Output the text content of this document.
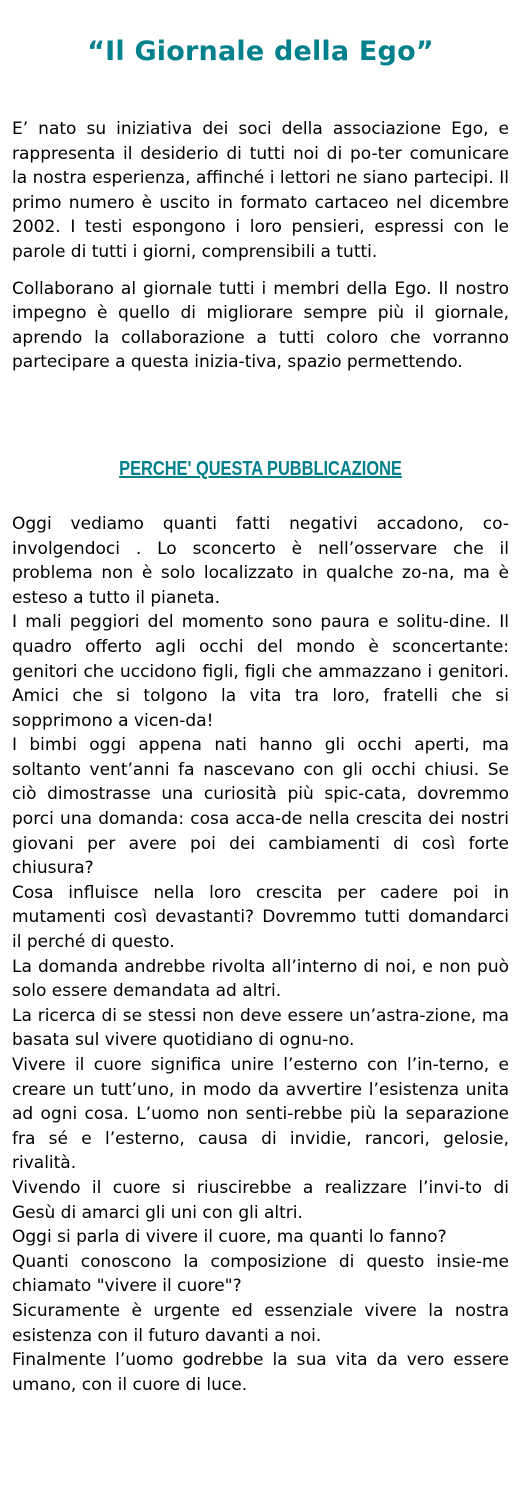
“Il Giornale della Ego”

E’ nato su iniziativa dei soci della associazione Ego, e rappresenta il desiderio di tutti noi di po-ter comunicare la nostra esperienza, affinché i lettori ne siano partecipi. Il primo numero è uscito in formato cartaceo nel dicembre 2002. I testi espongono i loro pensieri, espressi con le parole di tutti i giorni, comprensibili a tutti.

Collaborano al giornale tutti i membri della Ego. Il nostro impegno è quello di migliorare sempre più il giornale, aprendo la collaborazione a tutti coloro che vorranno partecipare a questa inizia-tiva, spazio permettendo.

PERCHE' QUESTA PUBBLICAZIONE

Oggi vediamo quanti fatti negativi accadono, co-involgendoci . Lo sconcerto è nell’osservare che il problema non è solo localizzato in qualche zo-na, ma è esteso a tutto il pianeta.

I mali peggiori del momento sono paura e solitu-dine. Il quadro offerto agli occhi del mondo è sconcertante: genitori che uccidono figli, figli che ammazzano i genitori. Amici che si tolgono la vita tra loro, fratelli che si sopprimono a vicen-da!

I bimbi oggi appena nati hanno gli occhi aperti, ma soltanto vent’anni fa nascevano con gli occhi chiusi. Se ciò dimostrasse una curiosità più spic-cata, dovremmo porci una domanda: cosa acca-de nella crescita dei nostri giovani per avere poi dei cambiamenti di così forte chiusura?

Cosa influisce nella loro crescita per cadere poi in mutamenti così devastanti? Dovremmo tutti domandarci il perché di questo.

La domanda andrebbe rivolta all’interno di noi, e non può solo essere demandata ad altri.

La ricerca di se stessi non deve essere un’astra-zione, ma basata sul vivere quotidiano di ognu-no.

Vivere il cuore significa unire l’esterno con l’in-terno, e creare un tutt’uno, in modo da avvertire l’esistenza unita ad ogni cosa. L’uomo non senti-rebbe più la separazione fra sé e l’esterno, causa di invidie, rancori, gelosie, rivalità.

Vivendo il cuore si riuscirebbe a realizzare l’invi-to di Gesù di amarci gli uni con gli altri.

Oggi si parla di vivere il cuore, ma quanti lo fanno?

Quanti conoscono la composizione di questo insie-me chiamato "vivere il cuore"?

Sicuramente è urgente ed essenziale vivere la nostra esistenza con il futuro davanti a noi.

Finalmente l’uomo godrebbe la sua vita da vero essere umano, con il cuore di luce.
